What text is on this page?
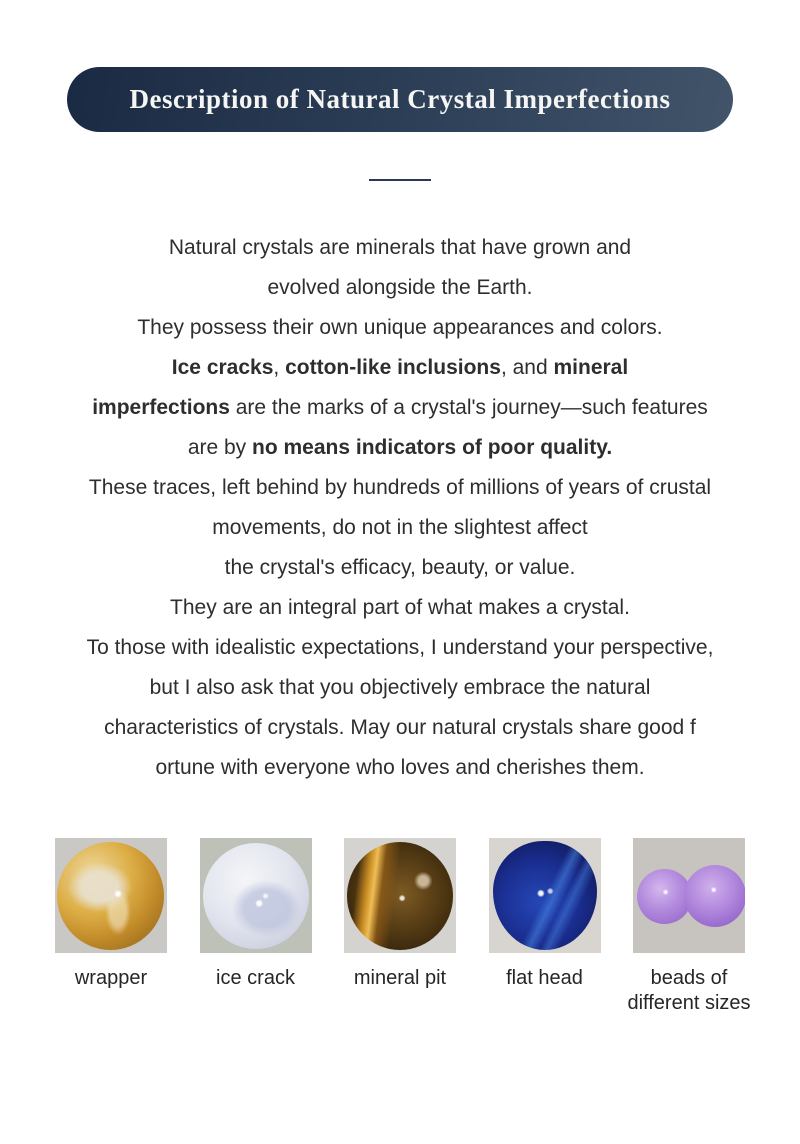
Description of Natural Crystal Imperfections
Natural crystals are minerals that have grown and
evolved alongside the Earth.
They possess their own unique appearances and colors.
Ice cracks, cotton-like inclusions, and mineral
imperfections are the marks of a crystal's journey—such features
are by no means indicators of poor quality.
These traces, left behind by hundreds of millions of years of crustal
movements, do not in the slightest affect
the crystal's efficacy, beauty, or value.
They are an integral part of what makes a crystal.
To those with idealistic expectations, I understand your perspective,
but I also ask that you objectively embrace the natural
characteristics of crystals. May our natural crystals share good f
ortune with everyone who loves and cherishes them.
wrapper	ice crack	mineral pit	flat head	beads of
different sizes
